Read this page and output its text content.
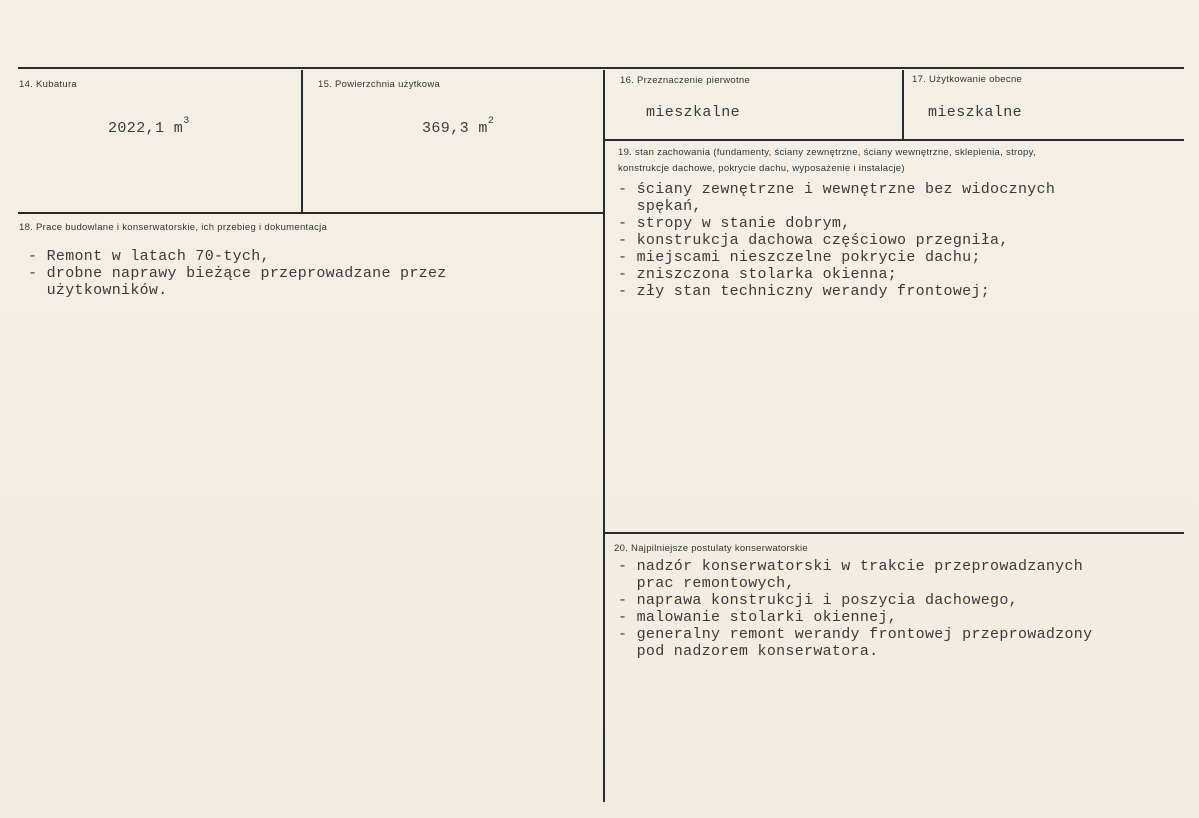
14. Kubatura
2022,1 $m^3$
15. Powierzchnia użytkowa
369,3 $m^2$
16. Przeznaczenie pierwotne
mieszkalne
17. Użytkowanie obecne
mieszkalne
18. Prace budowlane i konserwatorskie, ich przebieg i dokumentacja
- Remont w latach 70-tych,
- drobne naprawy bieżące przeprowadzane przez
użytkowników.
19. stan zachowania (fundamenty, ściany zewnętrzne, ściany wewnętrzne, sklepienia, stropy,
konstrukcje dachowe, pokrycie dachu, wyposażenie i instalacje)
- ściany zewnętrzne i wewnętrzne bez widocznych
spękań,
- stropy w stanie dobrym,
- konstrukcja dachowa częściowo przegniła,
- miejscami nieszczelne pokrycie dachu;
- zniszczona stolarka okienna;
- zły stan techniczny werandy frontowej;
20. Najpilniejsze postulaty konserwatorskie
- nadzór konserwatorski w trakcie przeprowadzanych
prac remontowych,
- naprawa konstrukcji i poszycia dachowego,
- malowanie stolarki okiennej,
- generalny remont werandy frontowej przeprowadzony
pod nadzorem konserwatora.
